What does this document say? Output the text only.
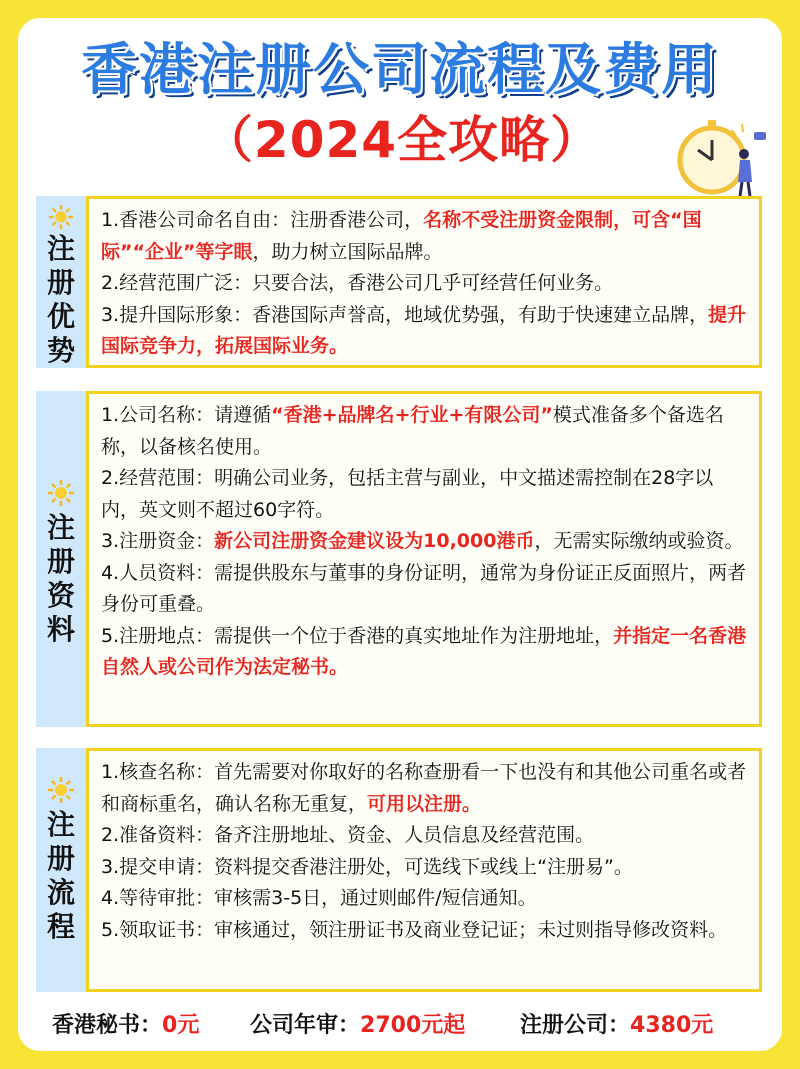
香港注册公司流程及费用
（2024全攻略）
注册优势
1.香港公司命名自由：注册香港公司，名称不受注册资金限制，可含“国际”“企业”等字眼，助力树立国际品牌。
2.经营范围广泛：只要合法，香港公司几乎可经营任何业务。
3.提升国际形象：香港国际声誉高，地域优势强，有助于快速建立品牌，提升国际竞争力，拓展国际业务。
注册资料
1.公司名称：请遵循“香港+品牌名+行业+有限公司”模式准备多个备选名称，以备核名使用。
2.经营范围：明确公司业务，包括主营与副业，中文描述需控制在28字以内，英文则不超过60字符。
3.注册资金：新公司注册资金建议设为10,000港币，无需实际缴纳或验资。
4.人员资料：需提供股东与董事的身份证明，通常为身份证正反面照片，两者身份可重叠。
5.注册地点：需提供一个位于香港的真实地址作为注册地址，并指定一名香港自然人或公司作为法定秘书。
注册流程
1.核查名称：首先需要对你取好的名称查册看一下也没有和其他公司重名或者和商标重名，确认名称无重复，可用以注册。
2.准备资料：备齐注册地址、资金、人员信息及经营范围。
3.提交申请：资料提交香港注册处，可选线下或线上“注册易”。
4.等待审批：审核需3-5日，通过则邮件/短信通知。
5.领取证书：审核通过，领注册证书及商业登记证；未过则指导修改资料。
香港秘书：0元 公司年审：2700元起 注册公司：4380元
